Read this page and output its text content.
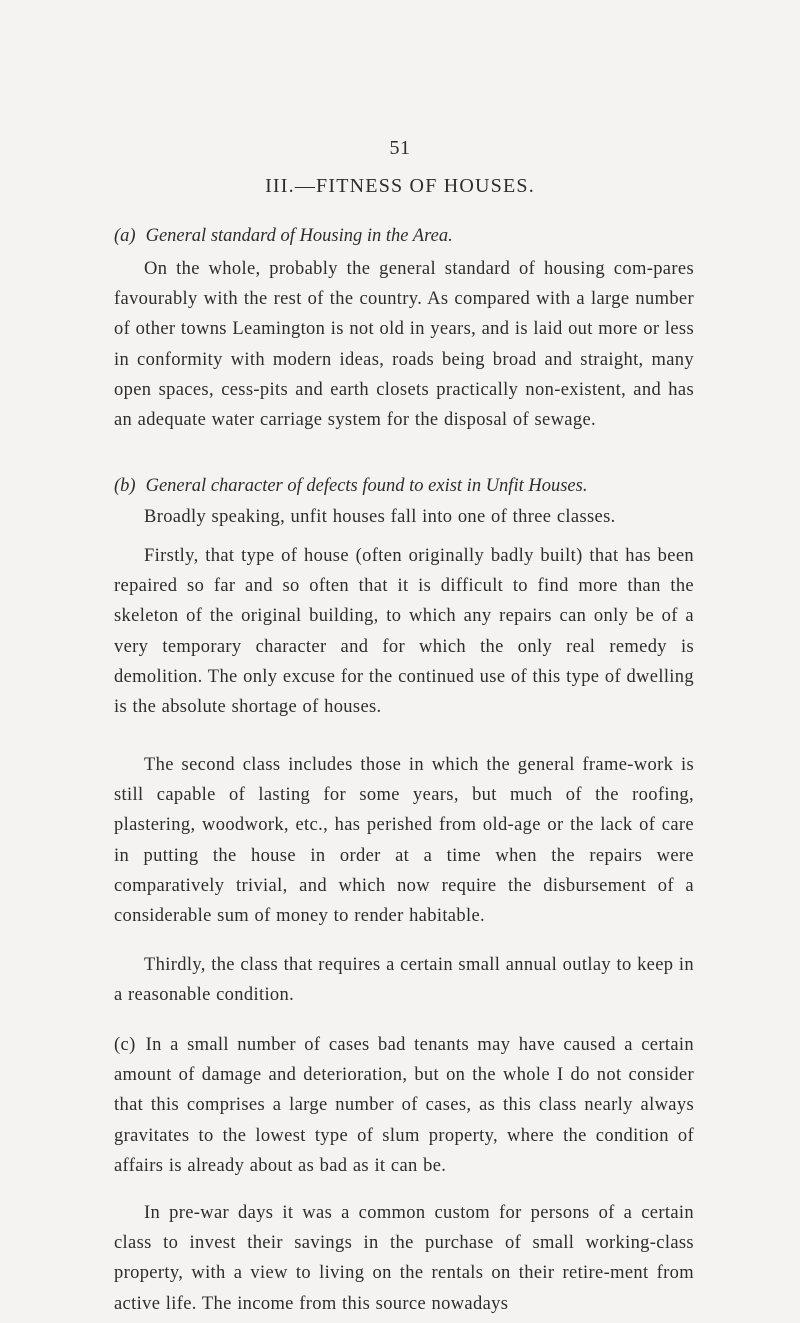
51
III.—FITNESS OF HOUSES.
(a) General standard of Housing in the Area.

On the whole, probably the general standard of housing com-pares favourably with the rest of the country. As compared with a large number of other towns Leamington is not old in years, and is laid out more or less in conformity with modern ideas, roads being broad and straight, many open spaces, cess-pits and earth closets practically non-existent, and has an adequate water carriage system for the disposal of sewage.

(b) General character of defects found to exist in Unfit Houses.

Broadly speaking, unfit houses fall into one of three classes.

Firstly, that type of house (often originally badly built) that has been repaired so far and so often that it is difficult to find more than the skeleton of the original building, to which any repairs can only be of a very temporary character and for which the only real remedy is demolition. The only excuse for the continued use of this type of dwelling is the absolute shortage of houses.

The second class includes those in which the general frame-work is still capable of lasting for some years, but much of the roofing, plastering, woodwork, etc., has perished from old-age or the lack of care in putting the house in order at a time when the repairs were comparatively trivial, and which now require the disbursement of a considerable sum of money to render habitable.

Thirdly, the class that requires a certain small annual outlay to keep in a reasonable condition.

(c) In a small number of cases bad tenants may have caused a certain amount of damage and deterioration, but on the whole I do not consider that this comprises a large number of cases, as this class nearly always gravitates to the lowest type of slum property, where the condition of affairs is already about as bad as it can be.

In pre-war days it was a common custom for persons of a certain class to invest their savings in the purchase of small working-class property, with a view to living on the rentals on their retire-ment from active life. The income from this source nowadays
